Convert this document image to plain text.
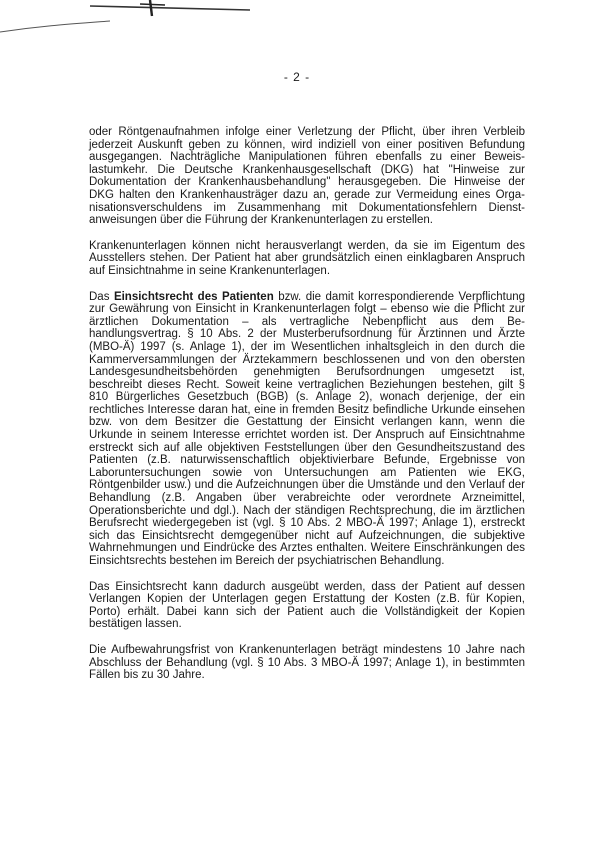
- 2 -

oder Röntgenaufnahmen infolge einer Verletzung der Pflicht, über ihren Verbleib jederzeit Auskunft geben zu können, wird indiziell von einer positiven Befundung ausgegangen. Nachträgliche Manipulationen führen ebenfalls zu einer Beweislastumkehr. Die Deutsche Krankenhausgesellschaft (DKG) hat "Hinweise zur Dokumentation der Krankenhausbehandlung" herausgegeben. Die Hinweise der DKG halten den Krankenhausträger dazu an, gerade zur Vermeidung eines Organisationsverschuldens im Zusammenhang mit Dokumentationsfehlern Dienstanweisungen über die Führung der Krankenunterlagen zu erstellen.

Krankenunterlagen können nicht herausverlangt werden, da sie im Eigentum des Ausstellers stehen. Der Patient hat aber grundsätzlich einen einklagbaren Anspruch auf Einsichtnahme in seine Krankenunterlagen.

Das Einsichtsrecht des Patienten bzw. die damit korrespondierende Verpflichtung zur Gewährung von Einsicht in Krankenunterlagen folgt – ebenso wie die Pflicht zur ärztlichen Dokumentation – als vertragliche Nebenpflicht aus dem Behandlungsvertrag. § 10 Abs. 2 der Musterberufsordnung für Ärztinnen und Ärzte (MBO-Ä) 1997 (s. Anlage 1), der im Wesentlichen inhaltsgleich in den durch die Kammerversammlungen der Ärztekammern beschlossenen und von den obersten Landesgesundheitsbehörden genehmigten Berufsordnungen umgesetzt ist, beschreibt dieses Recht. Soweit keine vertraglichen Beziehungen bestehen, gilt § 810 Bürgerliches Gesetzbuch (BGB) (s. Anlage 2), wonach derjenige, der ein rechtliches Interesse daran hat, eine in fremden Besitz befindliche Urkunde einsehen bzw. von dem Besitzer die Gestattung der Einsicht verlangen kann, wenn die Urkunde in seinem Interesse errichtet worden ist. Der Anspruch auf Einsichtnahme erstreckt sich auf alle objektiven Feststellungen über den Gesundheitszustand des Patienten (z.B. naturwissenschaftlich objektivierbare Befunde, Ergebnisse von Laboruntersuchungen sowie von Untersuchungen am Patienten wie EKG, Röntgenbilder usw.) und die Aufzeichnungen über die Umstände und den Verlauf der Behandlung (z.B. Angaben über verabreichte oder verordnete Arzneimittel, Operationsberichte und dgl.). Nach der ständigen Rechtsprechung, die im ärztlichen Berufsrecht wiedergegeben ist (vgl. § 10 Abs. 2 MBO-Ä 1997; Anlage 1), erstreckt sich das Einsichtsrecht demgegenüber nicht auf Aufzeichnungen, die subjektive Wahrnehmungen und Eindrücke des Arztes enthalten. Weitere Einschränkungen des Einsichtsrechts bestehen im Bereich der psychiatrischen Behandlung.

Das Einsichtsrecht kann dadurch ausgeübt werden, dass der Patient auf dessen Verlangen Kopien der Unterlagen gegen Erstattung der Kosten (z.B. für Kopien, Porto) erhält. Dabei kann sich der Patient auch die Vollständigkeit der Kopien bestätigen lassen.

Die Aufbewahrungsfrist von Krankenunterlagen beträgt mindestens 10 Jahre nach Abschluss der Behandlung (vgl. § 10 Abs. 3 MBO-Ä 1997; Anlage 1), in bestimmten Fällen bis zu 30 Jahre.
